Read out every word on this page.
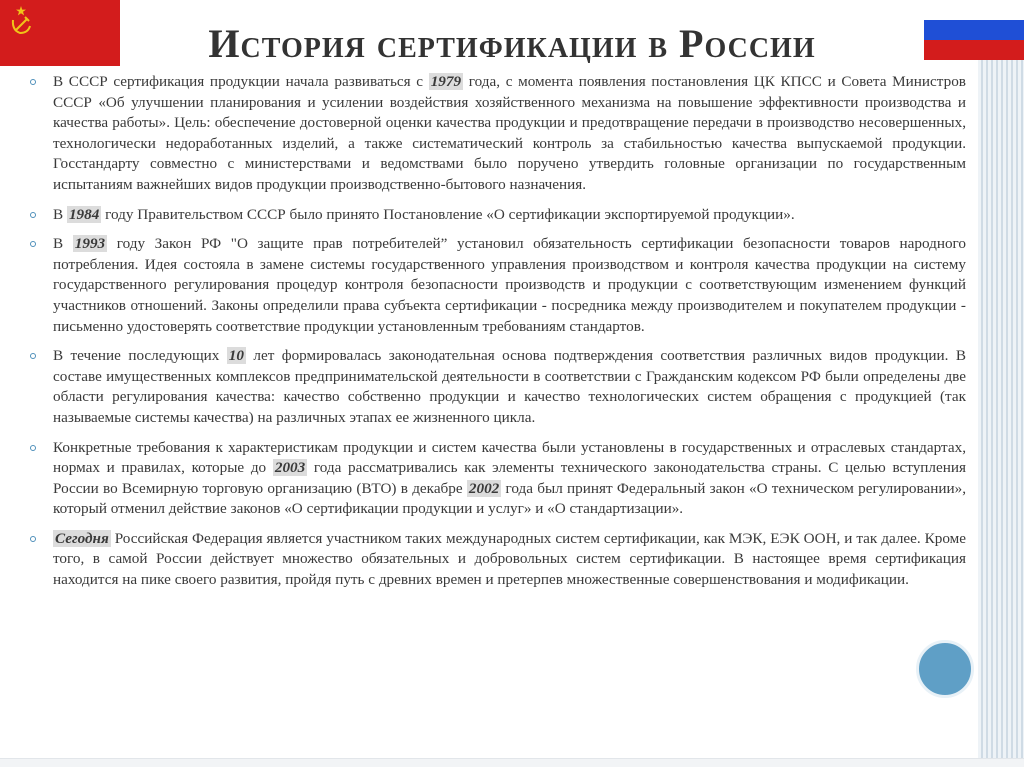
История сертификации в России

В СССР сертификация продукции начала развиваться с 1979 года, с момента появления постановления ЦК КПСС и Совета Министров СССР «Об улучшении планирования и усилении воздействия хозяйственного механизма на повышение эффективности производства и качества работы». Цель: обеспечение достоверной оценки качества продукции и предотвращение передачи в производство несовершенных, технологически недоработанных изделий, а также систематический контроль за стабильностью качества выпускаемой продукции. Госстандарту совместно с министерствами и ведомствами было поручено утвердить головные организации по государственным испытаниям важнейших видов продукции производственно-бытового назначения.

В 1984 году Правительством СССР было принято Постановление «О сертификации экспортируемой продукции».

В 1993 году Закон РФ "О защите прав потребителей” установил обязательность сертификации безопасности товаров народного потребления. Идея состояла в замене системы государственного управления производством и контроля качества продукции на систему государственного регулирования процедур контроля безопасности производств и продукции с соответствующим изменением функций участников отношений. Законы определили права субъекта сертификации - посредника между производителем и покупателем продукции - письменно удостоверять соответствие продукции установленным требованиям стандартов.

В течение последующих 10 лет формировалась законодательная основа подтверждения соответствия различных видов продукции. В составе имущественных комплексов предпринимательской деятельности в соответствии с Гражданским кодексом РФ были определены две области регулирования качества: качество собственно продукции и качество технологических систем обращения с продукцией (так называемые системы качества) на различных этапах ее жизненного цикла.

Конкретные требования к характеристикам продукции и систем качества были установлены в государственных и отраслевых стандартах, нормах и правилах, которые до 2003 года рассматривались как элементы технического законодательства страны. С целью вступления России во Всемирную торговую организацию (ВТО) в декабре 2002 года был принят Федеральный закон «О техническом регулировании», который отменил действие законов «О сертификации продукции и услуг» и «О стандартизации».

Сегодня Российская Федерация является участником таких международных систем сертификации, как МЭК, ЕЭК ООН, и так далее. Кроме того, в самой России действует множество обязательных и добровольных систем сертификации. В настоящее время сертификация находится на пике своего развития, пройдя путь с древних времен и претерпев множественные совершенствования и модификации.
